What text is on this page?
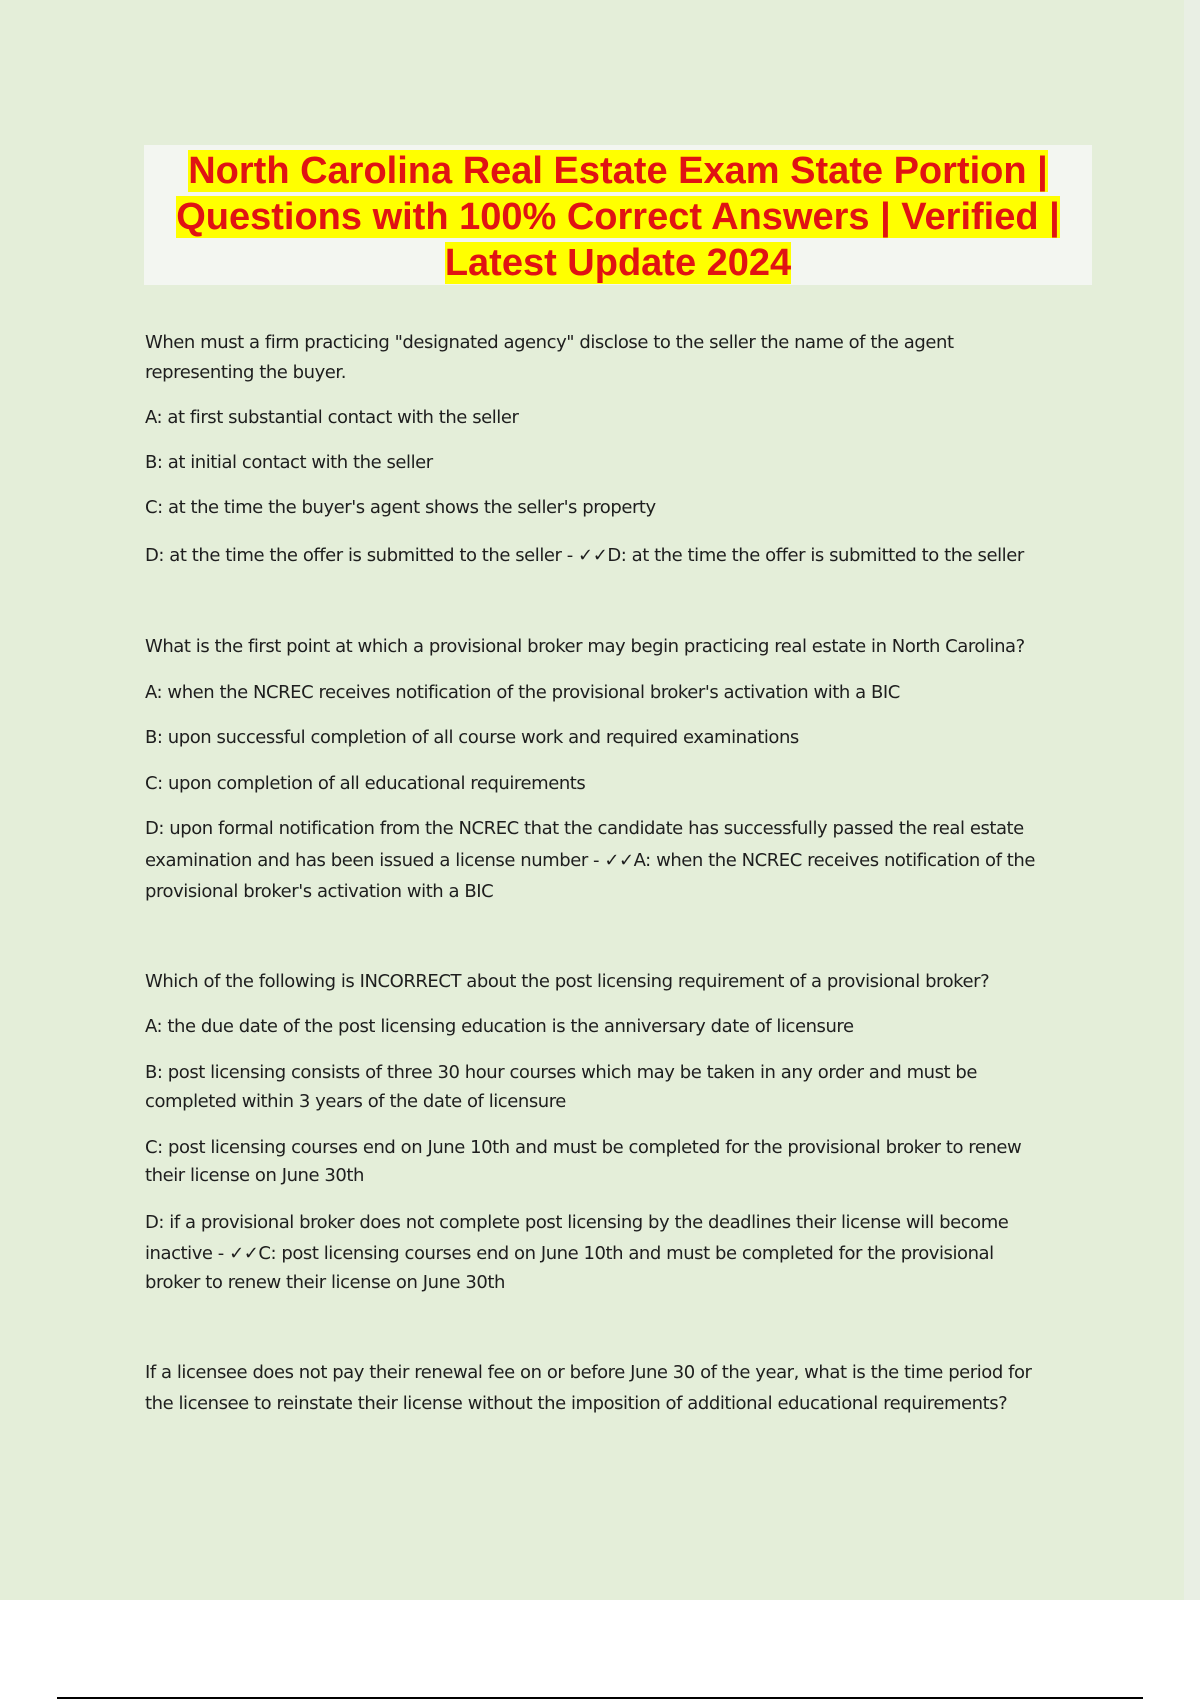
North Carolina Real Estate Exam State Portion |
Questions with 100% Correct Answers | Verified |
Latest Update 2024
When must a firm practicing "designated agency" disclose to the seller the name of the agent
representing the buyer.
A: at first substantial contact with the seller
B: at initial contact with the seller
C: at the time the buyer's agent shows the seller's property
D: at the time the offer is submitted to the seller - ✓✓D: at the time the offer is submitted to the seller
What is the first point at which a provisional broker may begin practicing real estate in North Carolina?
A: when the NCREC receives notification of the provisional broker's activation with a BIC
B: upon successful completion of all course work and required examinations
C: upon completion of all educational requirements
D: upon formal notification from the NCREC that the candidate has successfully passed the real estate
examination and has been issued a license number - ✓✓A: when the NCREC receives notification of the
provisional broker's activation with a BIC
Which of the following is INCORRECT about the post licensing requirement of a provisional broker?
A: the due date of the post licensing education is the anniversary date of licensure
B: post licensing consists of three 30 hour courses which may be taken in any order and must be
completed within 3 years of the date of licensure
C: post licensing courses end on June 10th and must be completed for the provisional broker to renew
their license on June 30th
D: if a provisional broker does not complete post licensing by the deadlines their license will become
inactive - ✓✓C: post licensing courses end on June 10th and must be completed for the provisional
broker to renew their license on June 30th
If a licensee does not pay their renewal fee on or before June 30 of the year, what is the time period for
the licensee to reinstate their license without the imposition of additional educational requirements?
